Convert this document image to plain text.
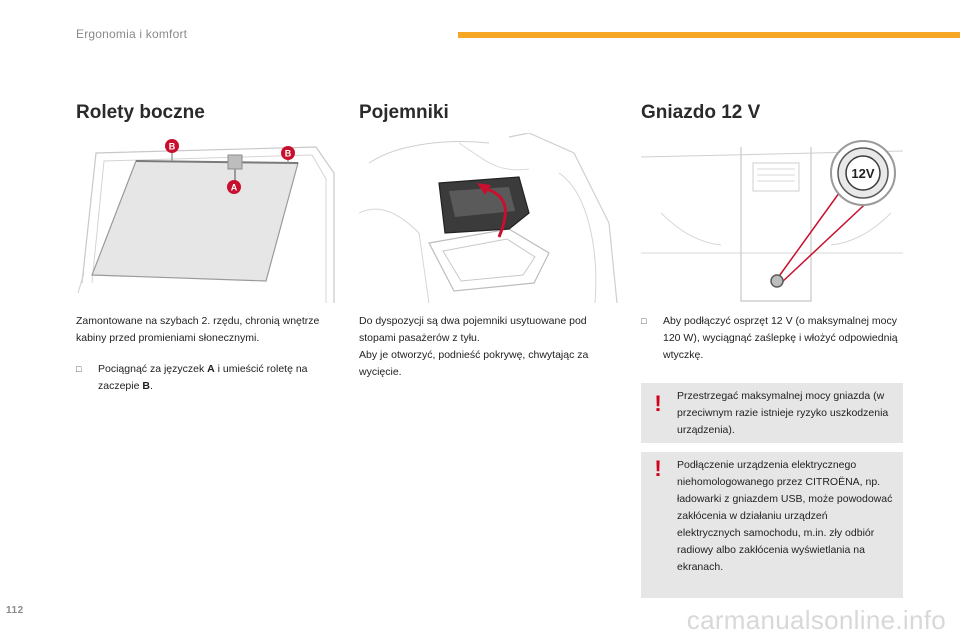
Ergonomia i komfort
Rolety boczne
B
B
A

Zamontowane na szybach 2. rzędu, chronią wnętrze kabiny przed promieniami słonecznymi.

□ Pociągnąć za języczek A i umieścić roletę na zaczepie B.
Pojemniki

Do dyspozycji są dwa pojemniki usytuowane pod stopami pasażerów z tyłu.

Aby je otworzyć, podnieść pokrywę, chwytając za wycięcie.

Gniazdo 12 V
12V
□ Aby podłączyć osprzęt 12 V (o maksymalnej mocy 120 W), wyciągnąć zaślepkę i włożyć odpowiednią wtyczkę.
! Przestrzegać maksymalnej mocy gniazda (w przeciwnym razie istnieje ryzyko uszkodzenia urządzenia).
! Podłączenie urządzenia elektrycznego niehomologowanego przez CITROËNA, np. ładowarki z gniazdem USB, może powodować zakłócenia w działaniu urządzeń elektrycznych samochodu, m.in. zły odbiór radiowy albo zakłócenia wyświetlania na ekranach.
112	carmanualsonline.info
